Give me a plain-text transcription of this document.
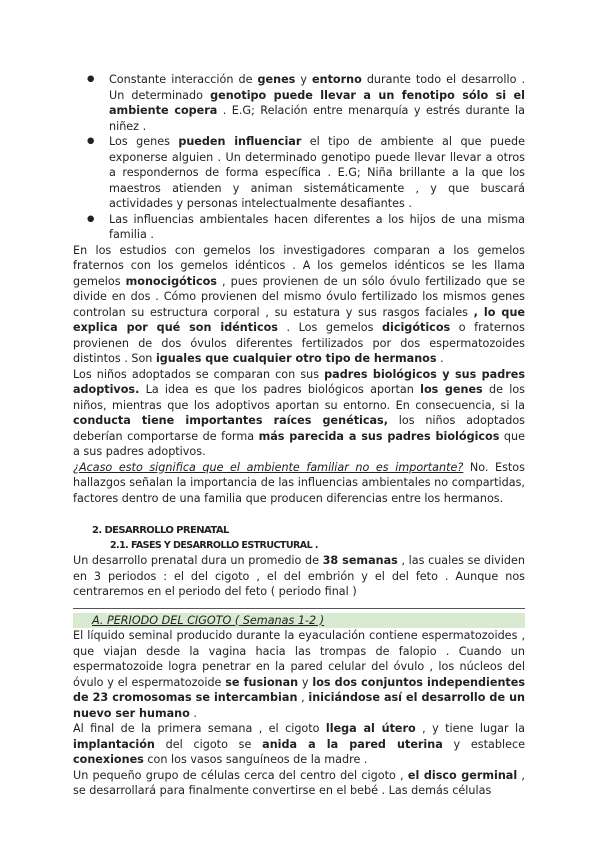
● Constante interacción de genes y entorno durante todo el desarrollo . Un determinado genotipo puede llevar a un fenotipo sólo si el ambiente copera . E.G; Relación entre menarquía y estrés durante la niñez .
● Los genes pueden influenciar el tipo de ambiente al que puede exponerse alguien . Un determinado genotipo puede llevar llevar a otros a respondernos de forma específica . E.G; Niña brillante a la que los maestros atienden y animan sistemáticamente , y que buscará actividades y personas intelectualmente desafiantes .
● Las influencias ambientales hacen diferentes a los hijos de una misma familia .

En los estudios con gemelos los investigadores comparan a los gemelos fraternos con los gemelos idénticos . A los gemelos idénticos se les llama gemelos monocigóticos , pues provienen de un sólo óvulo fertilizado que se divide en dos . Cómo provienen del mismo óvulo fertilizado los mismos genes controlan su estructura corporal , su estatura y sus rasgos faciales , lo que explica por qué son idénticos . Los gemelos dicigóticos o fraternos provienen de dos óvulos diferentes fertilizados por dos espermatozoides distintos . Son iguales que cualquier otro tipo de hermanos .

Los niños adoptados se comparan con sus padres biológicos y sus padres adoptivos. La idea es que los padres biológicos aportan los genes de los niños, mientras que los adoptivos aportan su entorno. En consecuencia, si la conducta tiene importantes raíces genéticas, los niños adoptados deberían comportarse de forma más parecida a sus padres biológicos que a sus padres adoptivos.

¿Acaso esto significa que el ambiente familiar no es importante? No. Estos hallazgos señalan la importancia de las influencias ambientales no compartidas, factores dentro de una familia que producen diferencias entre los hermanos.

2. DESARROLLO PRENATAL
2.1. FASES Y DESARROLLO ESTRUCTURAL .

Un desarrollo prenatal dura un promedio de 38 semanas , las cuales se dividen en 3 periodos : el del cigoto , el del embrión y el del feto . Aunque nos centraremos en el periodo del feto ( periodo final )

A. PERIODO DEL CIGOTO ( Semanas 1-2 )

El líquido seminal producido durante la eyaculación contiene espermatozoides , que viajan desde la vagina hacia las trompas de falopio . Cuando un espermatozoide logra penetrar en la pared celular del óvulo , los núcleos del óvulo y el espermatozoide se fusionan y los dos conjuntos independientes de 23 cromosomas se intercambian , iniciándose así el desarrollo de un nuevo ser humano .

Al final de la primera semana , el cigoto llega al útero , y tiene lugar la implantación del cigoto se anida a la pared uterina y establece conexiones con los vasos sanguíneos de la madre .

Un pequeño grupo de células cerca del centro del cigoto , el disco germinal , se desarrollará para finalmente convertirse en el bebé . Las demás células
